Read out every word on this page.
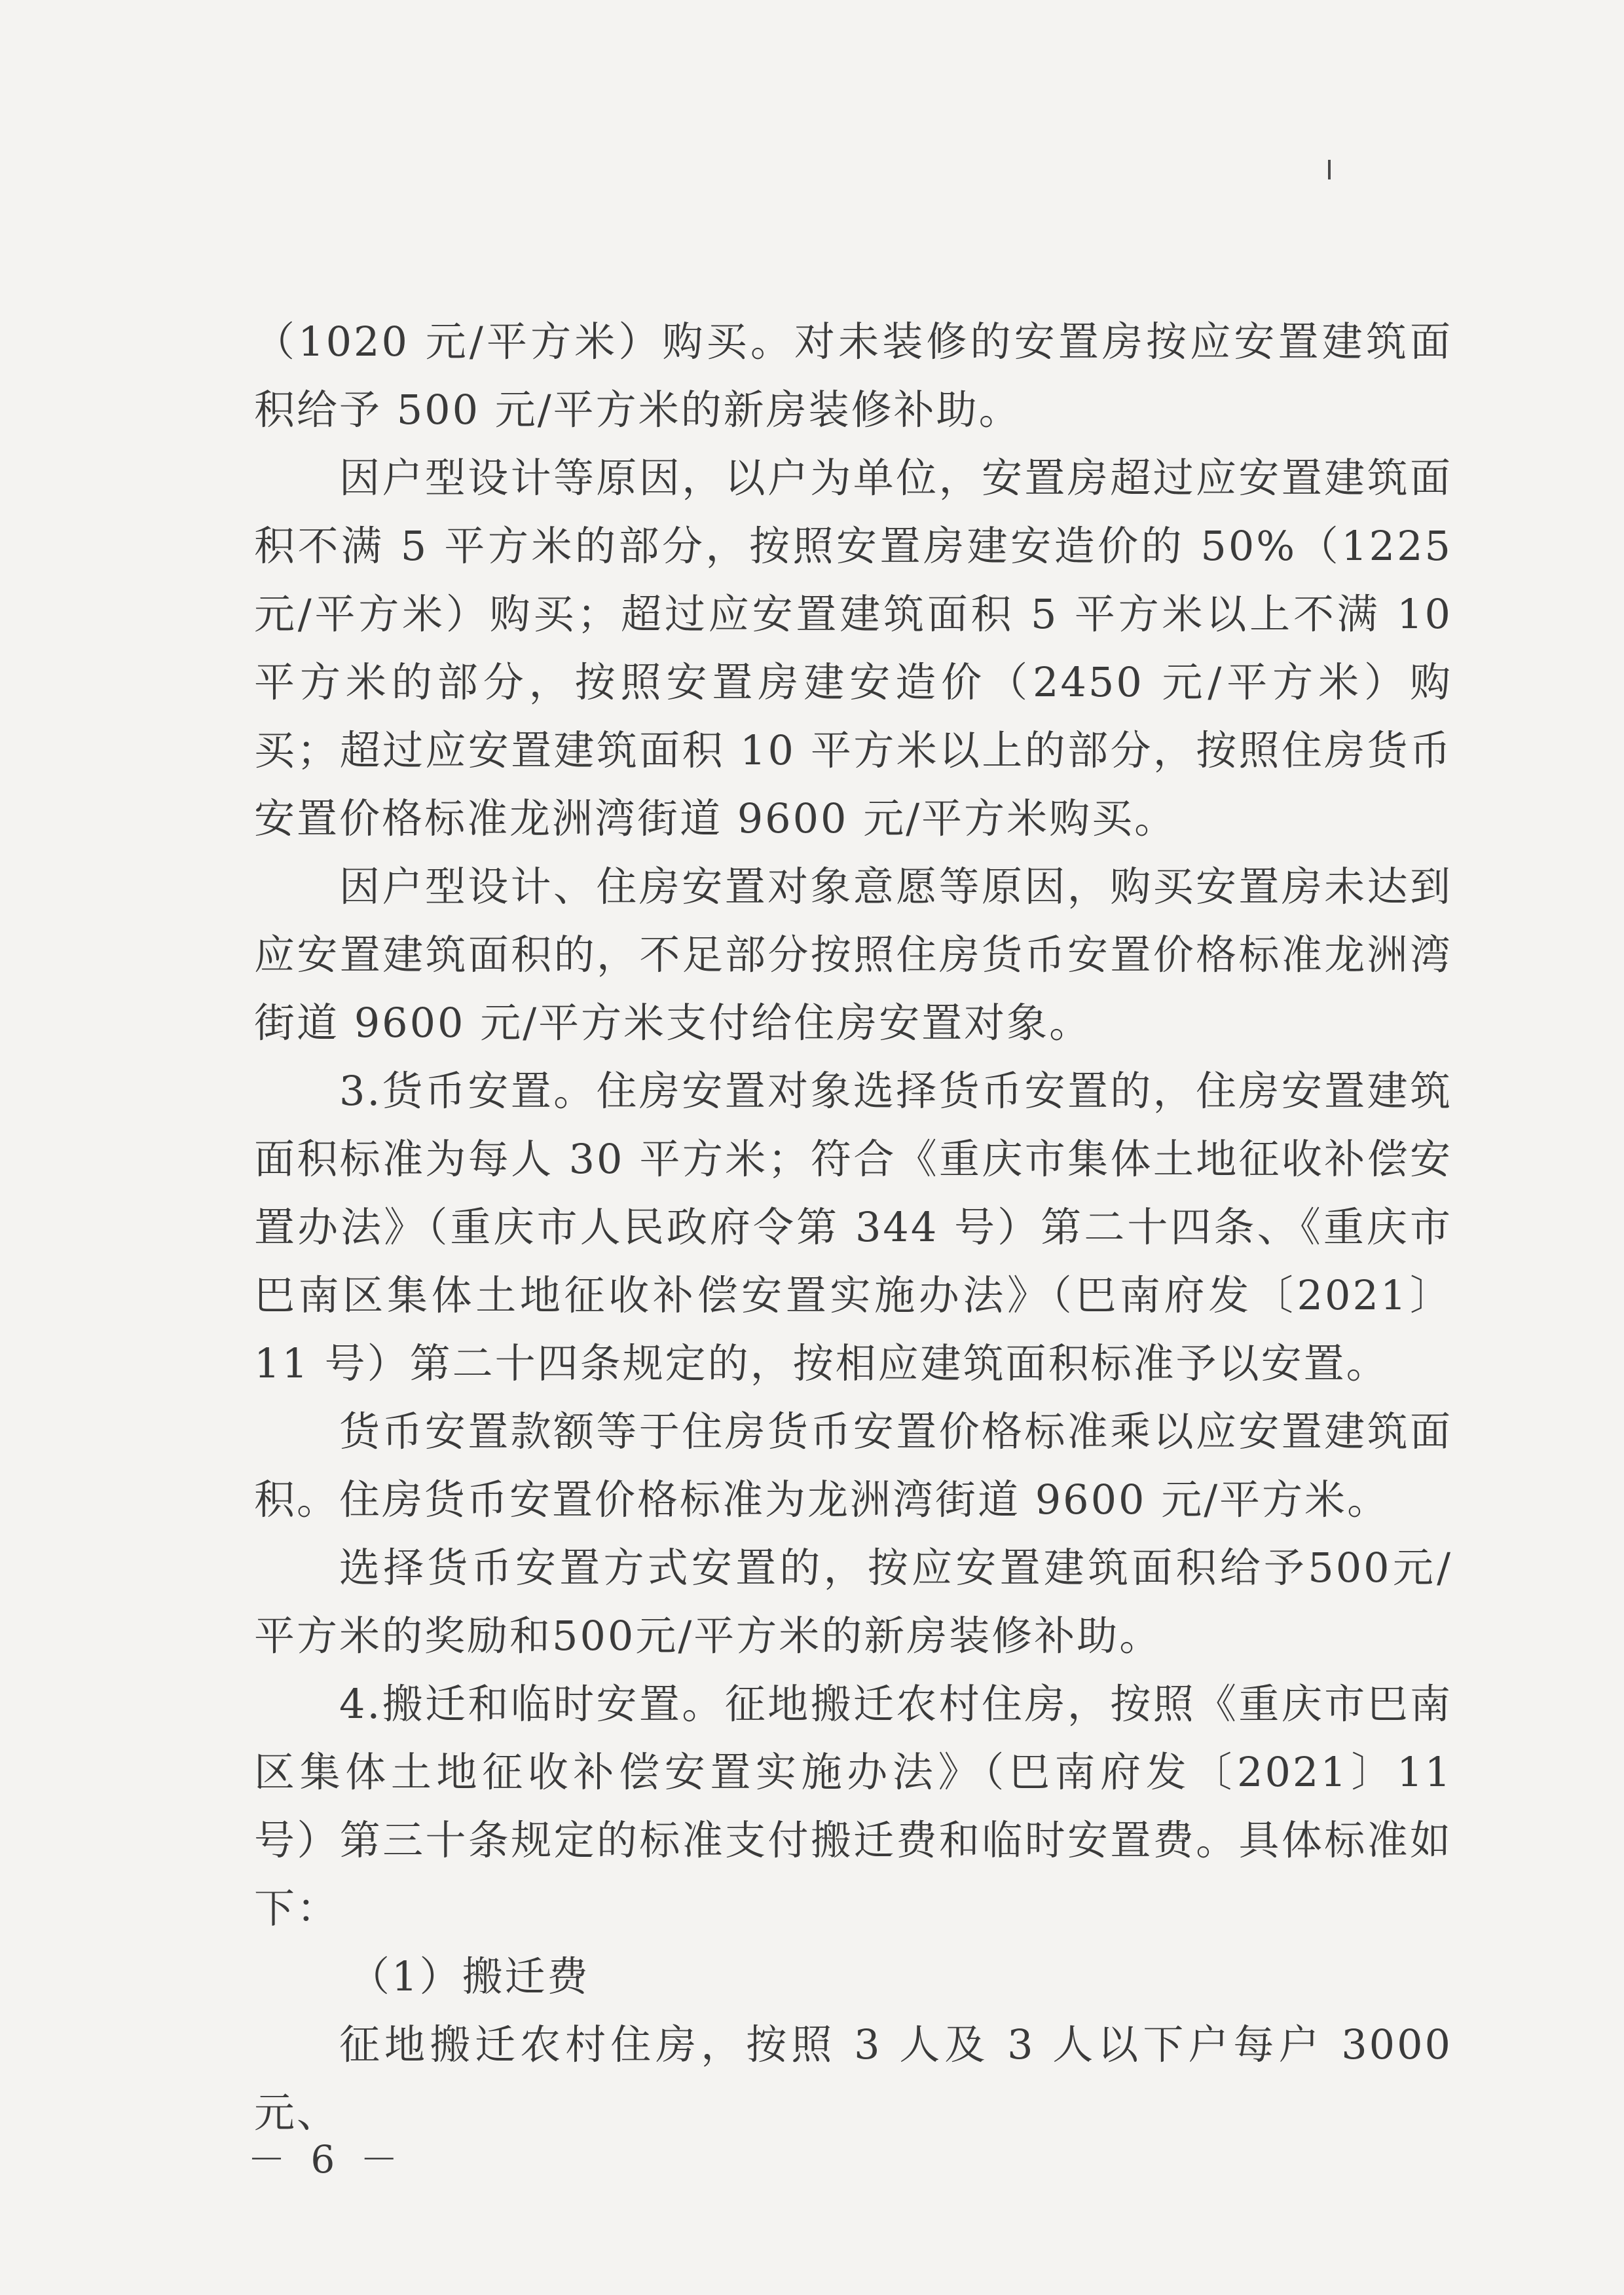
（1020 元/平方米）购买。对未装修的安置房按应安置建筑面积给予 500 元/平方米的新房装修补助。

因户型设计等原因，以户为单位，安置房超过应安置建筑面积不满 5 平方米的部分，按照安置房建安造价的 50%（1225 元/平方米）购买；超过应安置建筑面积 5 平方米以上不满 10 平方米的部分，按照安置房建安造价（2450 元/平方米）购买；超过应安置建筑面积 10 平方米以上的部分，按照住房货币安置价格标准龙洲湾街道 9600 元/平方米购买。

因户型设计、住房安置对象意愿等原因，购买安置房未达到应安置建筑面积的，不足部分按照住房货币安置价格标准龙洲湾街道 9600 元/平方米支付给住房安置对象。

3.货币安置。住房安置对象选择货币安置的，住房安置建筑面积标准为每人 30 平方米；符合《重庆市集体土地征收补偿安置办法》（重庆市人民政府令第 344 号）第二十四条、《重庆市巴南区集体土地征收补偿安置实施办法》（巴南府发〔2021〕11 号）第二十四条规定的，按相应建筑面积标准予以安置。

货币安置款额等于住房货币安置价格标准乘以应安置建筑面积。住房货币安置价格标准为龙洲湾街道 9600 元/平方米。

选择货币安置方式安置的，按应安置建筑面积给予500元/平方米的奖励和500元/平方米的新房装修补助。

4.搬迁和临时安置。征地搬迁农村住房，按照《重庆市巴南区集体土地征收补偿安置实施办法》（巴南府发〔2021〕11 号）第三十条规定的标准支付搬迁费和临时安置费。具体标准如下：

（1）搬迁费

征地搬迁农村住房，按照 3 人及 3 人以下户每户 3000 元、

－ 6 －
